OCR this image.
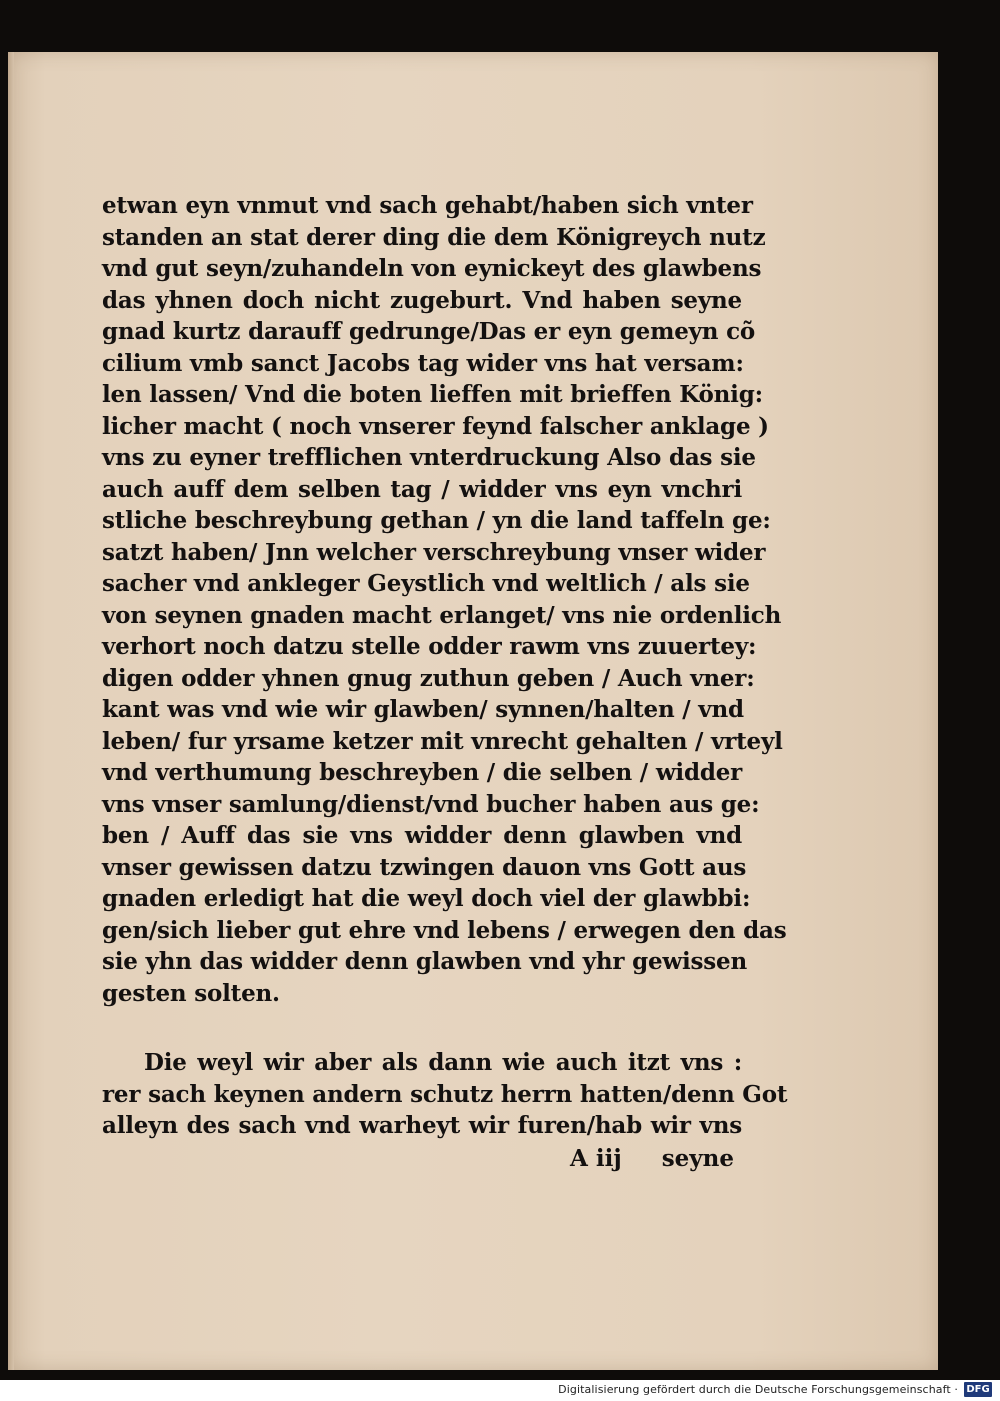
etwan eyn vnmut vnd sach gehabt/haben sich vnter
standen an stat derer ding die dem Königreych nutz
vnd gut seyn/zuhandeln von eynickeyt des glawbens
das yhnen doch nicht zugeburt. Vnd haben seyne
gnad kurtz darauff gedrunge/Das er eyn gemeyn cõ
cilium vmb sanct Jacobs tag wider vns hat versam:
len lassen/ Vnd die boten lieffen mit brieffen König:
licher macht ( noch vnserer feynd falscher anklage )
vns zu eyner trefflichen vnterdruckung Also das sie
auch auff dem selben tag / widder vns eyn vnchri
stliche beschreybung gethan / yn die land taffeln ge:
satzt haben/ Jnn welcher verschreybung vnser wider
sacher vnd ankleger Geystlich vnd weltlich / als sie
von seynen gnaden macht erlanget/ vns nie ordenlich
verhort noch datzu stelle odder rawm vns zuuertey:
digen odder yhnen gnug zuthun geben / Auch vner:
kant was vnd wie wir glawben/ synnen/halten / vnd
leben/ fur yrsame ketzer mit vnrecht gehalten / vrteyl
vnd verthumung beschreyben / die selben / widder
vns vnser samlung/dienst/vnd bucher haben aus ge:
ben / Auff das sie vns widder denn glawben vnd
vnser gewissen datzu tzwingen dauon vns Gott aus
gnaden erledigt hat die weyl doch viel der glawbbi:
gen/sich lieber gut ehre vnd lebens / erwegen den das
sie yhn das widder denn glawben vnd yhr gewissen
gesten solten.
Die weyl wir aber als dann wie auch itzt vns :
rer sach keynen andern schutz herrn hatten/denn Got
alleyn des sach vnd warheyt wir furen/hab wir vns
A iij seyne
Digitalisierung gefördert durch die Deutsche Forschungsgemeinschaft · DFG
